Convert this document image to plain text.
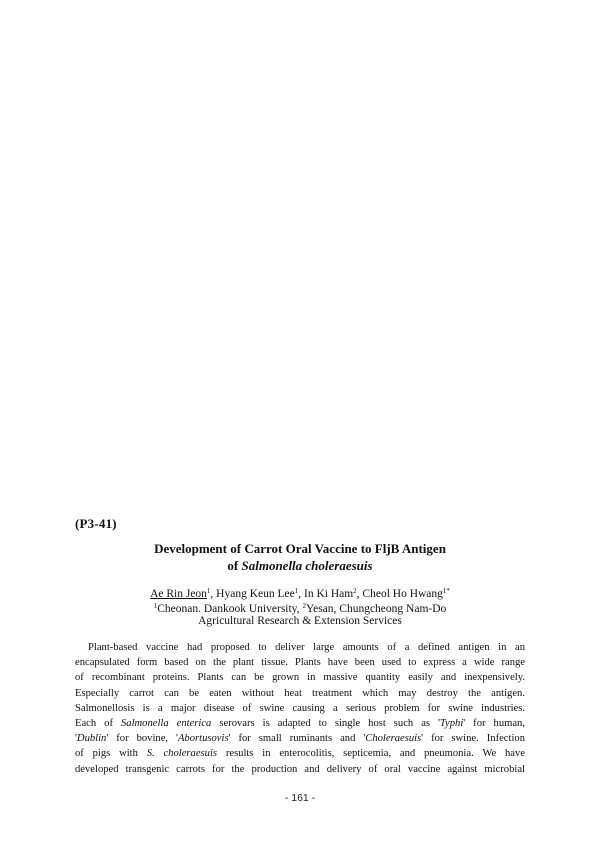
(P3-41)
Development of Carrot Oral Vaccine to FljB Antigen
of Salmonella choleraesuis
Ae Rin Jeon$^1$, Hyang Keun Lee$^1$, In Ki Ham$^2$, Cheol Ho Hwang$^{1*}$
$^1$Cheonan. Dankook University, $^2$Yesan, Chungcheong Nam-Do
Agricultural Research & Extension Services
Plant-based vaccine had proposed to deliver large amounts of a defined antigen in an
encapsulated form based on the plant tissue. Plants have been used to express a wide range
of recombinant proteins. Plants can be grown in massive quantity easily and inexpensively.
Especially carrot can be eaten without heat treatment which may destroy the antigen.
Salmonellosis is a major disease of swine causing a serious problem for swine industries.
Each of Salmonella enterica serovars is adapted to single host such as 'Typhi' for human,
'Dublin' for bovine, 'Abortusovis' for small ruminants and 'Choleraesuis' for swine. Infection
of pigs with S. choleraesuis results in enterocolitis, septicemia, and pneumonia. We have
developed transgenic carrots for the production and delivery of oral vaccine against microbial
- 161 -
